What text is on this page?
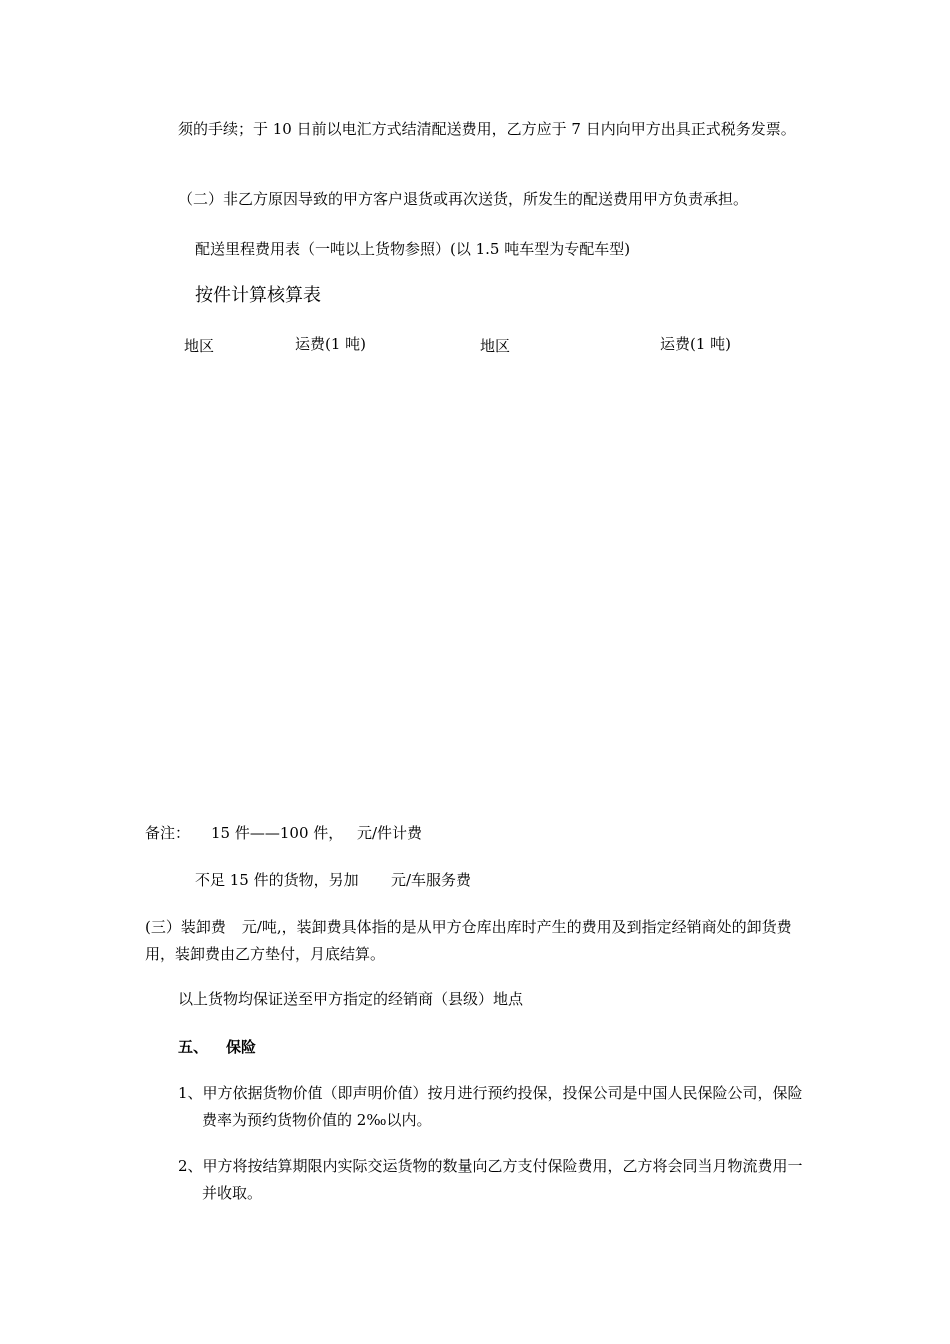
须的手续；于 10 日前以电汇方式结清配送费用，乙方应于 7 日内向甲方出具正式税务发票。
（二）非乙方原因导致的甲方客户退货或再次送货，所发生的配送费用甲方负责承担。
配送里程费用表（一吨以上货物参照）(以 1.5 吨车型为专配车型)
按件计算核算表
地区	运费(1 吨)	地区	运费(1 吨)
备注： 15 件——100 件， 元/件计费
不足 15 件的货物，另加 元/车服务费
(三）装卸费 元/吨,，装卸费具体指的是从甲方仓库出库时产生的费用及到指定经销商处的卸货费用，装卸费由乙方垫付，月底结算。
以上货物均保证送至甲方指定的经销商（县级）地点
五、 保险
1、甲方依据货物价值（即声明价值）按月进行预约投保，投保公司是中国人民保险公司，保险费率为预约货物价值的 2‰以内。
2、甲方将按结算期限内实际交运货物的数量向乙方支付保险费用，乙方将会同当月物流费用一并收取。
